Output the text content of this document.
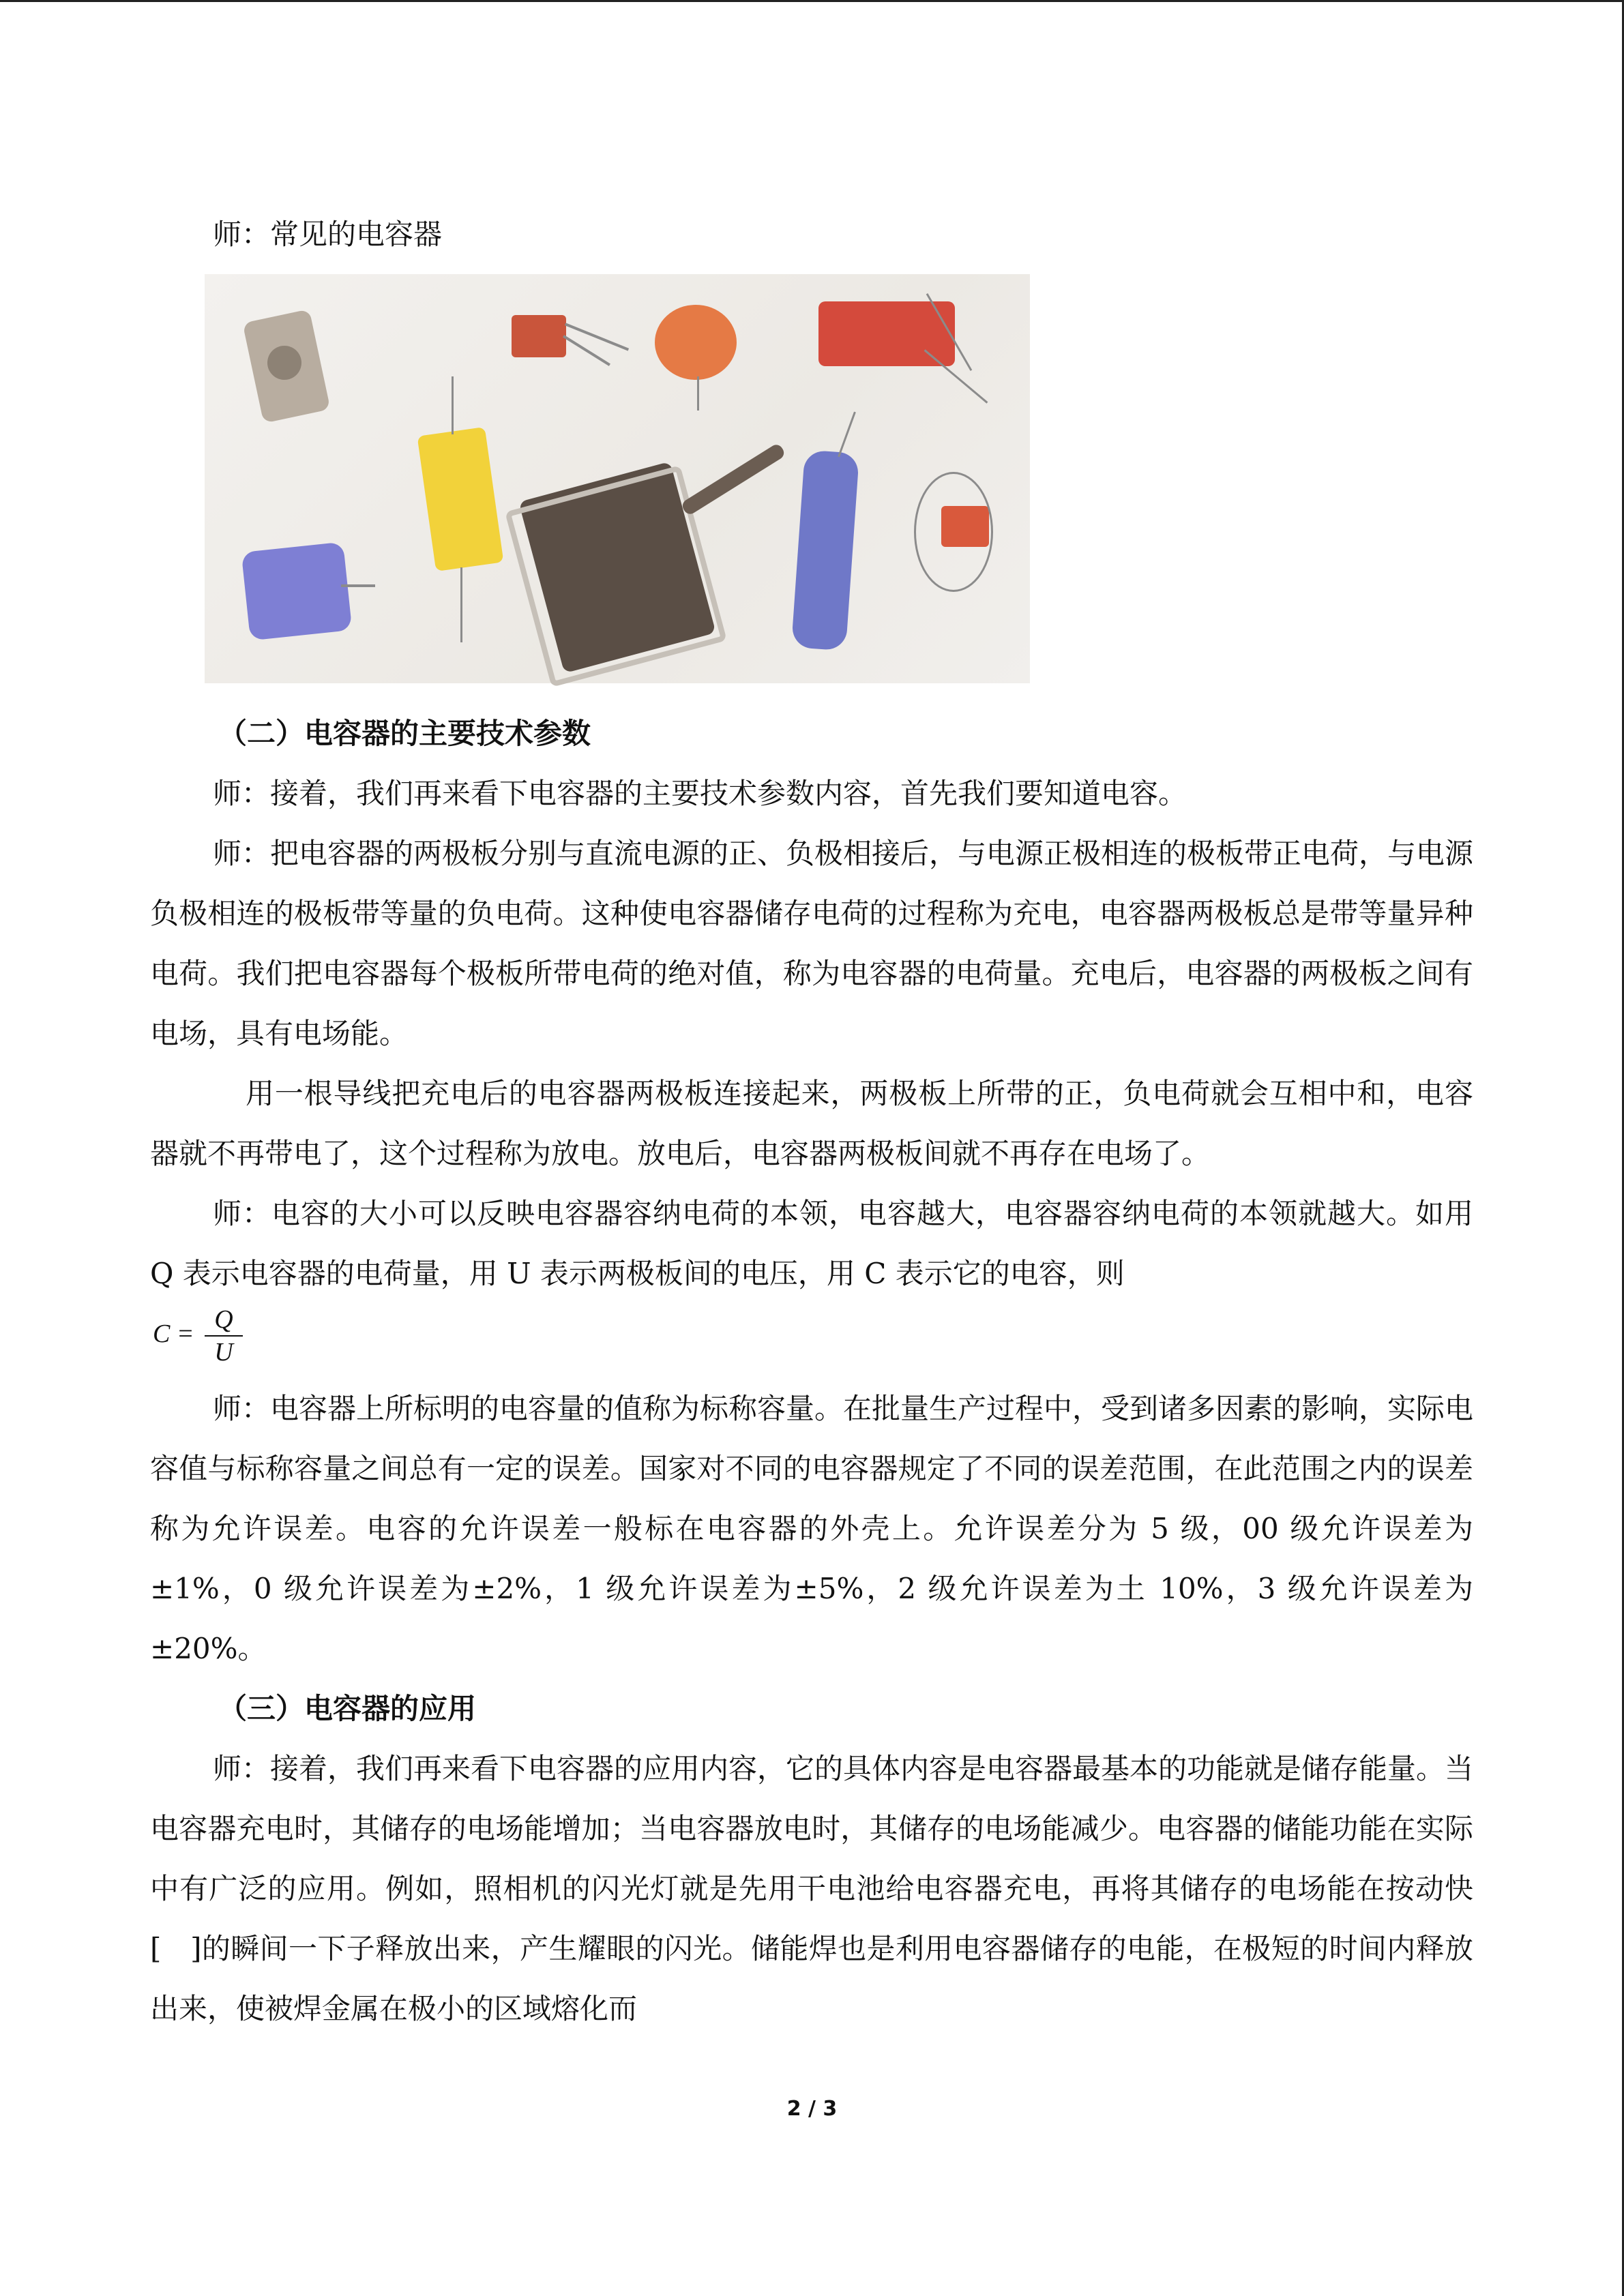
师：常见的电容器

（二）电容器的主要技术参数

师：接着，我们再来看下电容器的主要技术参数内容，首先我们要知道电容。

师：把电容器的两极板分别与直流电源的正、负极相接后，与电源正极相连的极板带正电荷，与电源负极相连的极板带等量的负电荷。这种使电容器储存电荷的过程称为充电，电容器两极板总是带等量异种电荷。我们把电容器每个极板所带电荷的绝对值，称为电容器的电荷量。充电后，电容器的两极板之间有电场，具有电场能。

用一根导线把充电后的电容器两极板连接起来，两极板上所带的正，负电荷就会互相中和，电容器就不再带电了，这个过程称为放电。放电后，电容器两极板间就不再存在电场了。

师：电容的大小可以反映电容器容纳电荷的本领，电容越大，电容器容纳电荷的本领就越大。如用 Q 表示电容器的电荷量，用 U 表示两极板间的电压，用 C 表示它的电容，则

$C = \frac{Q}{U}$

师：电容器上所标明的电容量的值称为标称容量。在批量生产过程中，受到诸多因素的影响，实际电容值与标称容量之间总有一定的误差。国家对不同的电容器规定了不同的误差范围，在此范围之内的误差称为允许误差。电容的允许误差一般标在电容器的外壳上。允许误差分为 5 级，00 级允许误差为±1%，0 级允许误差为±2%，1 级允许误差为±5%，2 级允许误差为土 10%，3 级允许误差为±20%。

（三）电容器的应用

师：接着，我们再来看下电容器的应用内容，它的具体内容是电容器最基本的功能就是储存能量。当电容器充电时，其储存的电场能增加；当电容器放电时，其储存的电场能减少。电容器的储能功能在实际中有广泛的应用。例如，照相机的闪光灯就是先用干电池给电容器充电，再将其储存的电场能在按动快[　]的瞬间一下子释放出来，产生耀眼的闪光。储能焊也是利用电容器储存的电能，在极短的时间内释放出来，使被焊金属在极小的区域熔化而

2 / 3
